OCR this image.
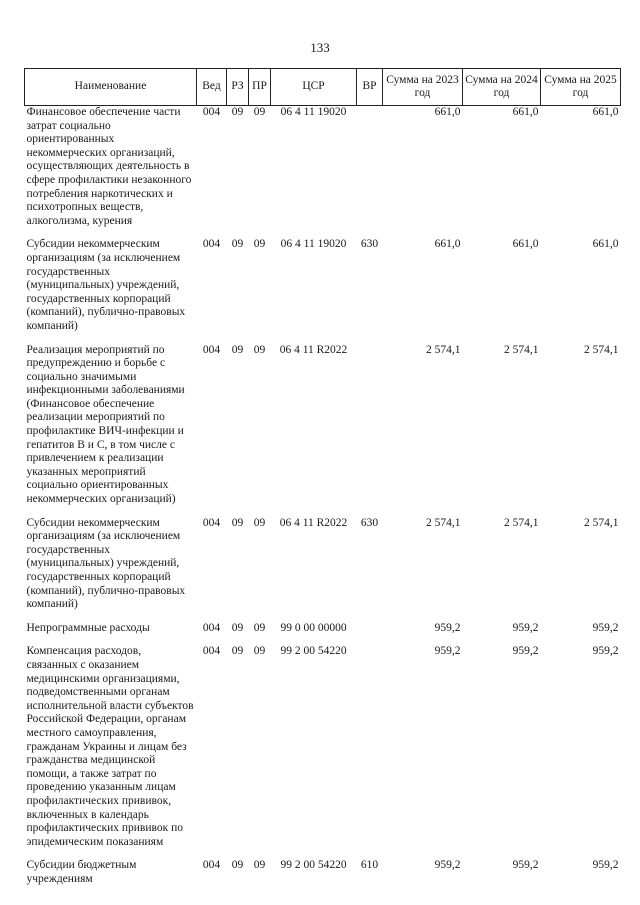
133
Наименование	Вед	РЗ	ПР	ЦСР	ВР	Сумма на 2023 год	Сумма на 2024 год	Сумма на 2025 год
Финансовое обеспечение части затрат социально ориентированных некоммерческих организаций, осуществляющих деятельность в сфере профилактики незаконного потребления наркотических и психотропных веществ, алкоголизма, курения	004	09	09	06 4 11 19020		661,0	661,0	661,0
Субсидии некоммерческим организациям (за исключением государственных (муниципальных) учреждений, государственных корпораций (компаний), публично-правовых компаний)	004	09	09	06 4 11 19020	630	661,0	661,0	661,0
Реализация мероприятий по предупреждению и борьбе с социально значимыми инфекционными заболеваниями (Финансовое обеспечение реализации мероприятий по профилактике ВИЧ-инфекции и гепатитов В и С, в том числе с привлечением к реализации указанных мероприятий социально ориентированных некоммерческих организаций)	004	09	09	06 4 11 R2022		2 574,1	2 574,1	2 574,1
Субсидии некоммерческим организациям (за исключением государственных (муниципальных) учреждений, государственных корпораций (компаний), публично-правовых компаний)	004	09	09	06 4 11 R2022	630	2 574,1	2 574,1	2 574,1
Непрограммные расходы	004	09	09	99 0 00 00000		959,2	959,2	959,2
Компенсация расходов, связанных с оказанием медицинскими организациями, подведомственными органам исполнительной власти субъектов Российской Федерации, органам местного самоуправления, гражданам Украины и лицам без гражданства медицинской помощи, а также затрат по проведению указанным лицам профилактических прививок, включенных в календарь профилактических прививок по эпидемическим показаниям	004	09	09	99 2 00 54220		959,2	959,2	959,2
Субсидии бюджетным учреждениям	004	09	09	99 2 00 54220	610	959,2	959,2	959,2
